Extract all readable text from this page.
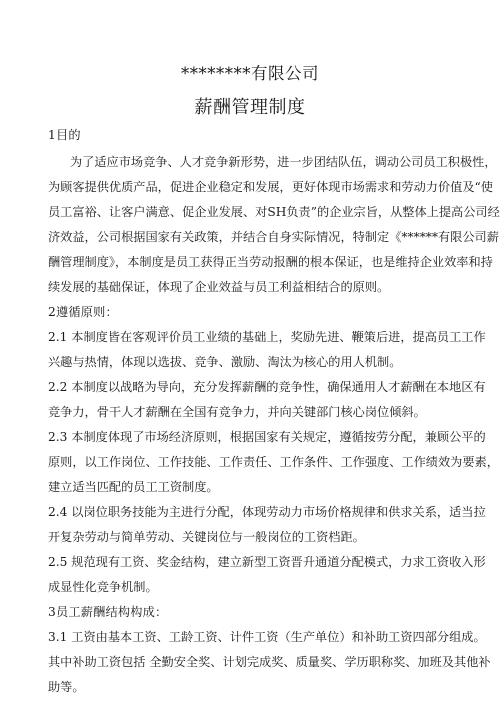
********有限公司
薪酬管理制度
1目的
为了适应市场竞争、人才竞争新形势，进一步团结队伍，调动公司员工积极性，
为顾客提供优质产品，促进企业稳定和发展，更好体现市场需求和劳动力价值及“使
员工富裕、让客户满意、促企业发展、对SH负责”的企业宗旨，从整体上提高公司经
济效益，公司根据国家有关政策，并结合自身实际情况，特制定《******有限公司薪
酬管理制度》，本制度是员工获得正当劳动报酬的根本保证，也是维持企业效率和持
续发展的基础保证，体现了企业效益与员工利益相结合的原则。
2遵循原则：
2.1 本制度皆在客观评价员工业绩的基础上，奖励先进、鞭策后进，提高员工工作
兴趣与热情，体现以选拔、竞争、激励、淘汰为核心的用人机制。
2.2 本制度以战略为导向，充分发挥薪酬的竞争性，确保通用人才薪酬在本地区有
竞争力，骨干人才薪酬在全国有竞争力，并向关键部门核心岗位倾斜。
2.3 本制度体现了市场经济原则，根据国家有关规定，遵循按劳分配，兼顾公平的
原则，以工作岗位、工作技能、工作责任、工作条件、工作强度、工作绩效为要素，
建立适当匹配的员工工资制度。
2.4 以岗位职务技能为主进行分配，体现劳动力市场价格规律和供求关系，适当拉
开复杂劳动与简单劳动、关键岗位与一般岗位的工资档距。
2.5 规范现有工资、奖金结构，建立新型工资晋升通道分配模式，力求工资收入形
成显性化竞争机制。
3员工薪酬结构构成：
3.1 工资由基本工资、工龄工资、计件工资（生产单位）和补助工资四部分组成。
其中补助工资包括 全勤安全奖、计划完成奖、质量奖、学历职称奖、加班及其他补
助等。
